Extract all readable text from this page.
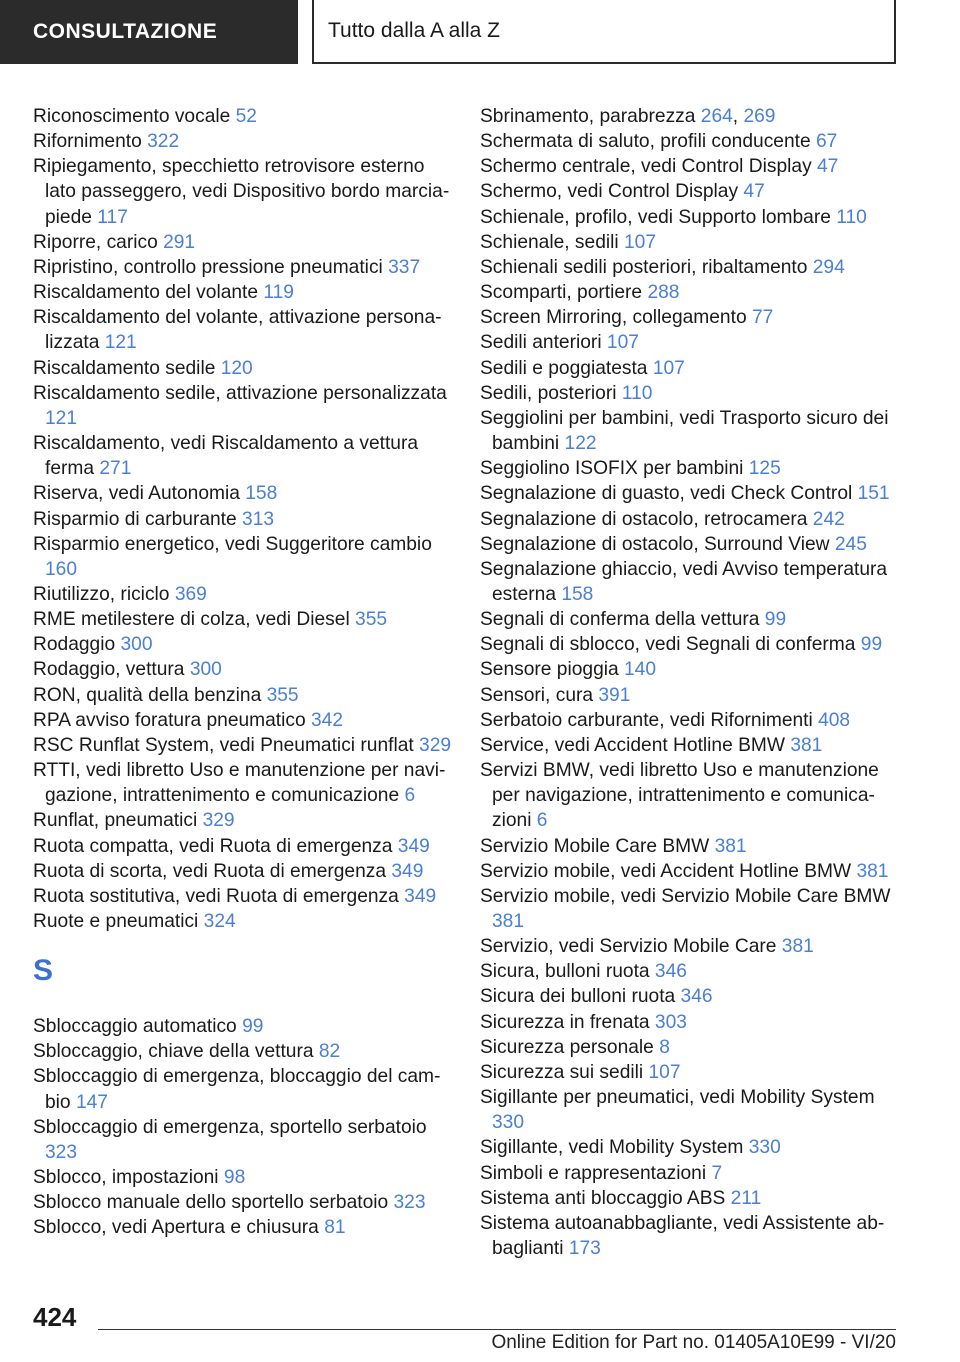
CONSULTAZIONE	Tutto dalla A alla Z
Riconoscimento vocale 52
Rifornimento 322
Ripiegamento, specchietto retrovisore esterno lato passeggero, vedi Dispositivo bordo marciapiede 117
Riporre, carico 291
Ripristino, controllo pressione pneumatici 337
Riscaldamento del volante 119
Riscaldamento del volante, attivazione personalizzata 121
Riscaldamento sedile 120
Riscaldamento sedile, attivazione personalizzata 121
Riscaldamento, vedi Riscaldamento a vettura ferma 271
Riserva, vedi Autonomia 158
Risparmio di carburante 313
Risparmio energetico, vedi Suggeritore cambio 160
Riutilizzo, riciclo 369
RME metilestere di colza, vedi Diesel 355
Rodaggio 300
Rodaggio, vettura 300
RON, qualità della benzina 355
RPA avviso foratura pneumatico 342
RSC Runflat System, vedi Pneumatici runflat 329
RTTI, vedi libretto Uso e manutenzione per navigazione, intrattenimento e comunicazione 6
Runflat, pneumatici 329
Ruota compatta, vedi Ruota di emergenza 349
Ruota di scorta, vedi Ruota di emergenza 349
Ruota sostitutiva, vedi Ruota di emergenza 349
Ruote e pneumatici 324
S
Sbloccaggio automatico 99
Sbloccaggio, chiave della vettura 82
Sbloccaggio di emergenza, bloccaggio del cambio 147
Sbloccaggio di emergenza, sportello serbatoio 323
Sblocco, impostazioni 98
Sblocco manuale dello sportello serbatoio 323
Sblocco, vedi Apertura e chiusura 81
Sbrinamento, parabrezza 264, 269
Schermata di saluto, profili conducente 67
Schermo centrale, vedi Control Display 47
Schermo, vedi Control Display 47
Schienale, profilo, vedi Supporto lombare 110
Schienale, sedili 107
Schienali sedili posteriori, ribaltamento 294
Scomparti, portiere 288
Screen Mirroring, collegamento 77
Sedili anteriori 107
Sedili e poggiatesta 107
Sedili, posteriori 110
Seggiolini per bambini, vedi Trasporto sicuro dei bambini 122
Seggiolino ISOFIX per bambini 125
Segnalazione di guasto, vedi Check Control 151
Segnalazione di ostacolo, retrocamera 242
Segnalazione di ostacolo, Surround View 245
Segnalazione ghiaccio, vedi Avviso temperatura esterna 158
Segnali di conferma della vettura 99
Segnali di sblocco, vedi Segnali di conferma 99
Sensore pioggia 140
Sensori, cura 391
Serbatoio carburante, vedi Rifornimenti 408
Service, vedi Accident Hotline BMW 381
Servizi BMW, vedi libretto Uso e manutenzione per navigazione, intrattenimento e comunicazioni 6
Servizio Mobile Care BMW 381
Servizio mobile, vedi Accident Hotline BMW 381
Servizio mobile, vedi Servizio Mobile Care BMW 381
Servizio, vedi Servizio Mobile Care 381
Sicura, bulloni ruota 346
Sicura dei bulloni ruota 346
Sicurezza in frenata 303
Sicurezza personale 8
Sicurezza sui sedili 107
Sigillante per pneumatici, vedi Mobility System 330
Sigillante, vedi Mobility System 330
Simboli e rappresentazioni 7
Sistema anti bloccaggio ABS 211
Sistema autoanabbagliante, vedi Assistente abbaglianti 173
424
Online Edition for Part no. 01405A10E99 - VI/20
